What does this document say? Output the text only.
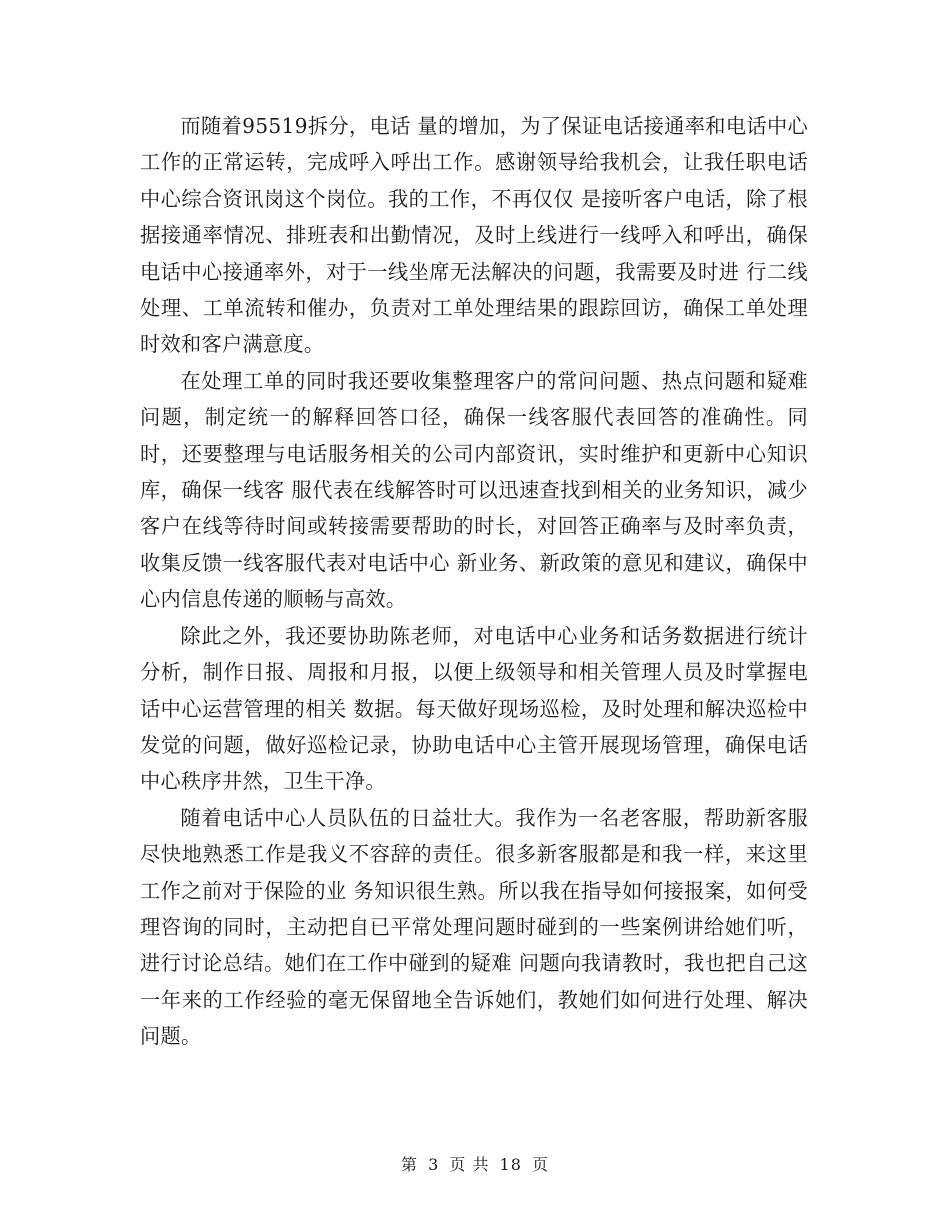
而随着95519拆分，电话 量的增加，为了保证电话接通率和电话中心工作的正常运转，完成呼入呼出工作。感谢领导给我机会，让我任职电话中心综合资讯岗这个岗位。我的工作，不再仅仅 是接听客户电话，除了根据接通率情况、排班表和出勤情况，及时上线进行一线呼入和呼出，确保电话中心接通率外，对于一线坐席无法解决的问题，我需要及时进 行二线处理、工单流转和催办，负责对工单处理结果的跟踪回访，确保工单处理时效和客户满意度。

在处理工单的同时我还要收集整理客户的常问问题、热点问题和疑难问题，制定统一的解释回答口径，确保一线客服代表回答的准确性。同时，还要整理与电话服务相关的公司内部资讯，实时维护和更新中心知识库，确保一线客 服代表在线解答时可以迅速查找到相关的业务知识，减少客户在线等待时间或转接需要帮助的时长，对回答正确率与及时率负责，收集反馈一线客服代表对电话中心 新业务、新政策的意见和建议，确保中心内信息传递的顺畅与高效。

除此之外，我还要协助陈老师，对电话中心业务和话务数据进行统计分析，制作日报、周报和月报，以便上级领导和相关管理人员及时掌握电话中心运营管理的相关 数据。每天做好现场巡检，及时处理和解决巡检中发觉的问题，做好巡检记录，协助电话中心主管开展现场管理，确保电话中心秩序井然，卫生干净。

随着电话中心人员队伍的日益壮大。我作为一名老客服，帮助新客服尽快地熟悉工作是我义不容辞的责任。很多新客服都是和我一样，来这里工作之前对于保险的业 务知识很生熟。所以我在指导如何接报案，如何受理咨询的同时，主动把自已平常处理问题时碰到的一些案例讲给她们听，进行讨论总结。她们在工作中碰到的疑难 问题向我请教时，我也把自己这一年来的工作经验的毫无保留地全告诉她们，教她们如何进行处理、解决问题。

第 3 页 共 18 页
